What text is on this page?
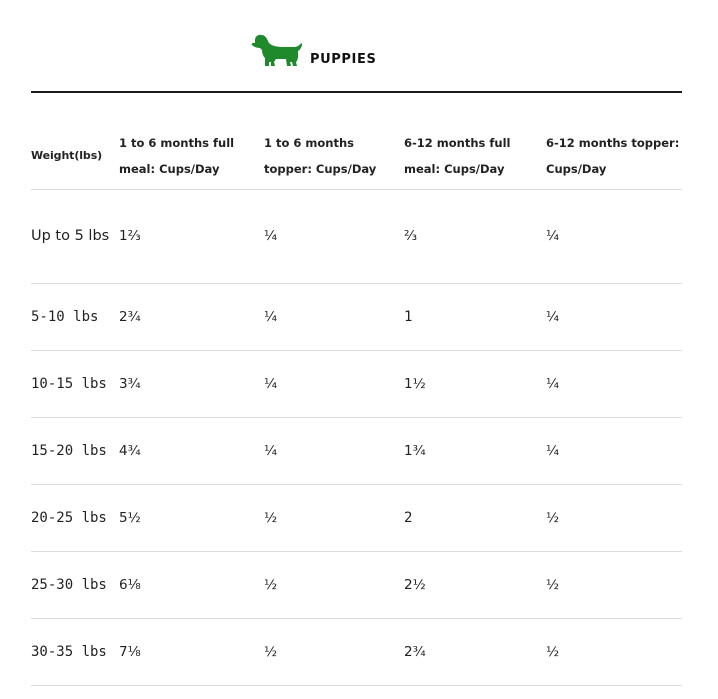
PUPPIES
Weight(lbs)	1 to 6 months full meal: Cups/Day	1 to 6 months topper: Cups/Day	6-12 months full meal: Cups/Day	6-12 months topper: Cups/Day
Up to 5 lbs	1⅔	¼	⅔	¼
5-10 lbs	2¾	¼	1	¼
10-15 lbs	3¾	¼	1½	¼
15-20 lbs	4¾	¼	1¾	¼
20-25 lbs	5½	½	2	½
25-30 lbs	6⅛	½	2½	½
30-35 lbs	7⅛	½	2¾	½
